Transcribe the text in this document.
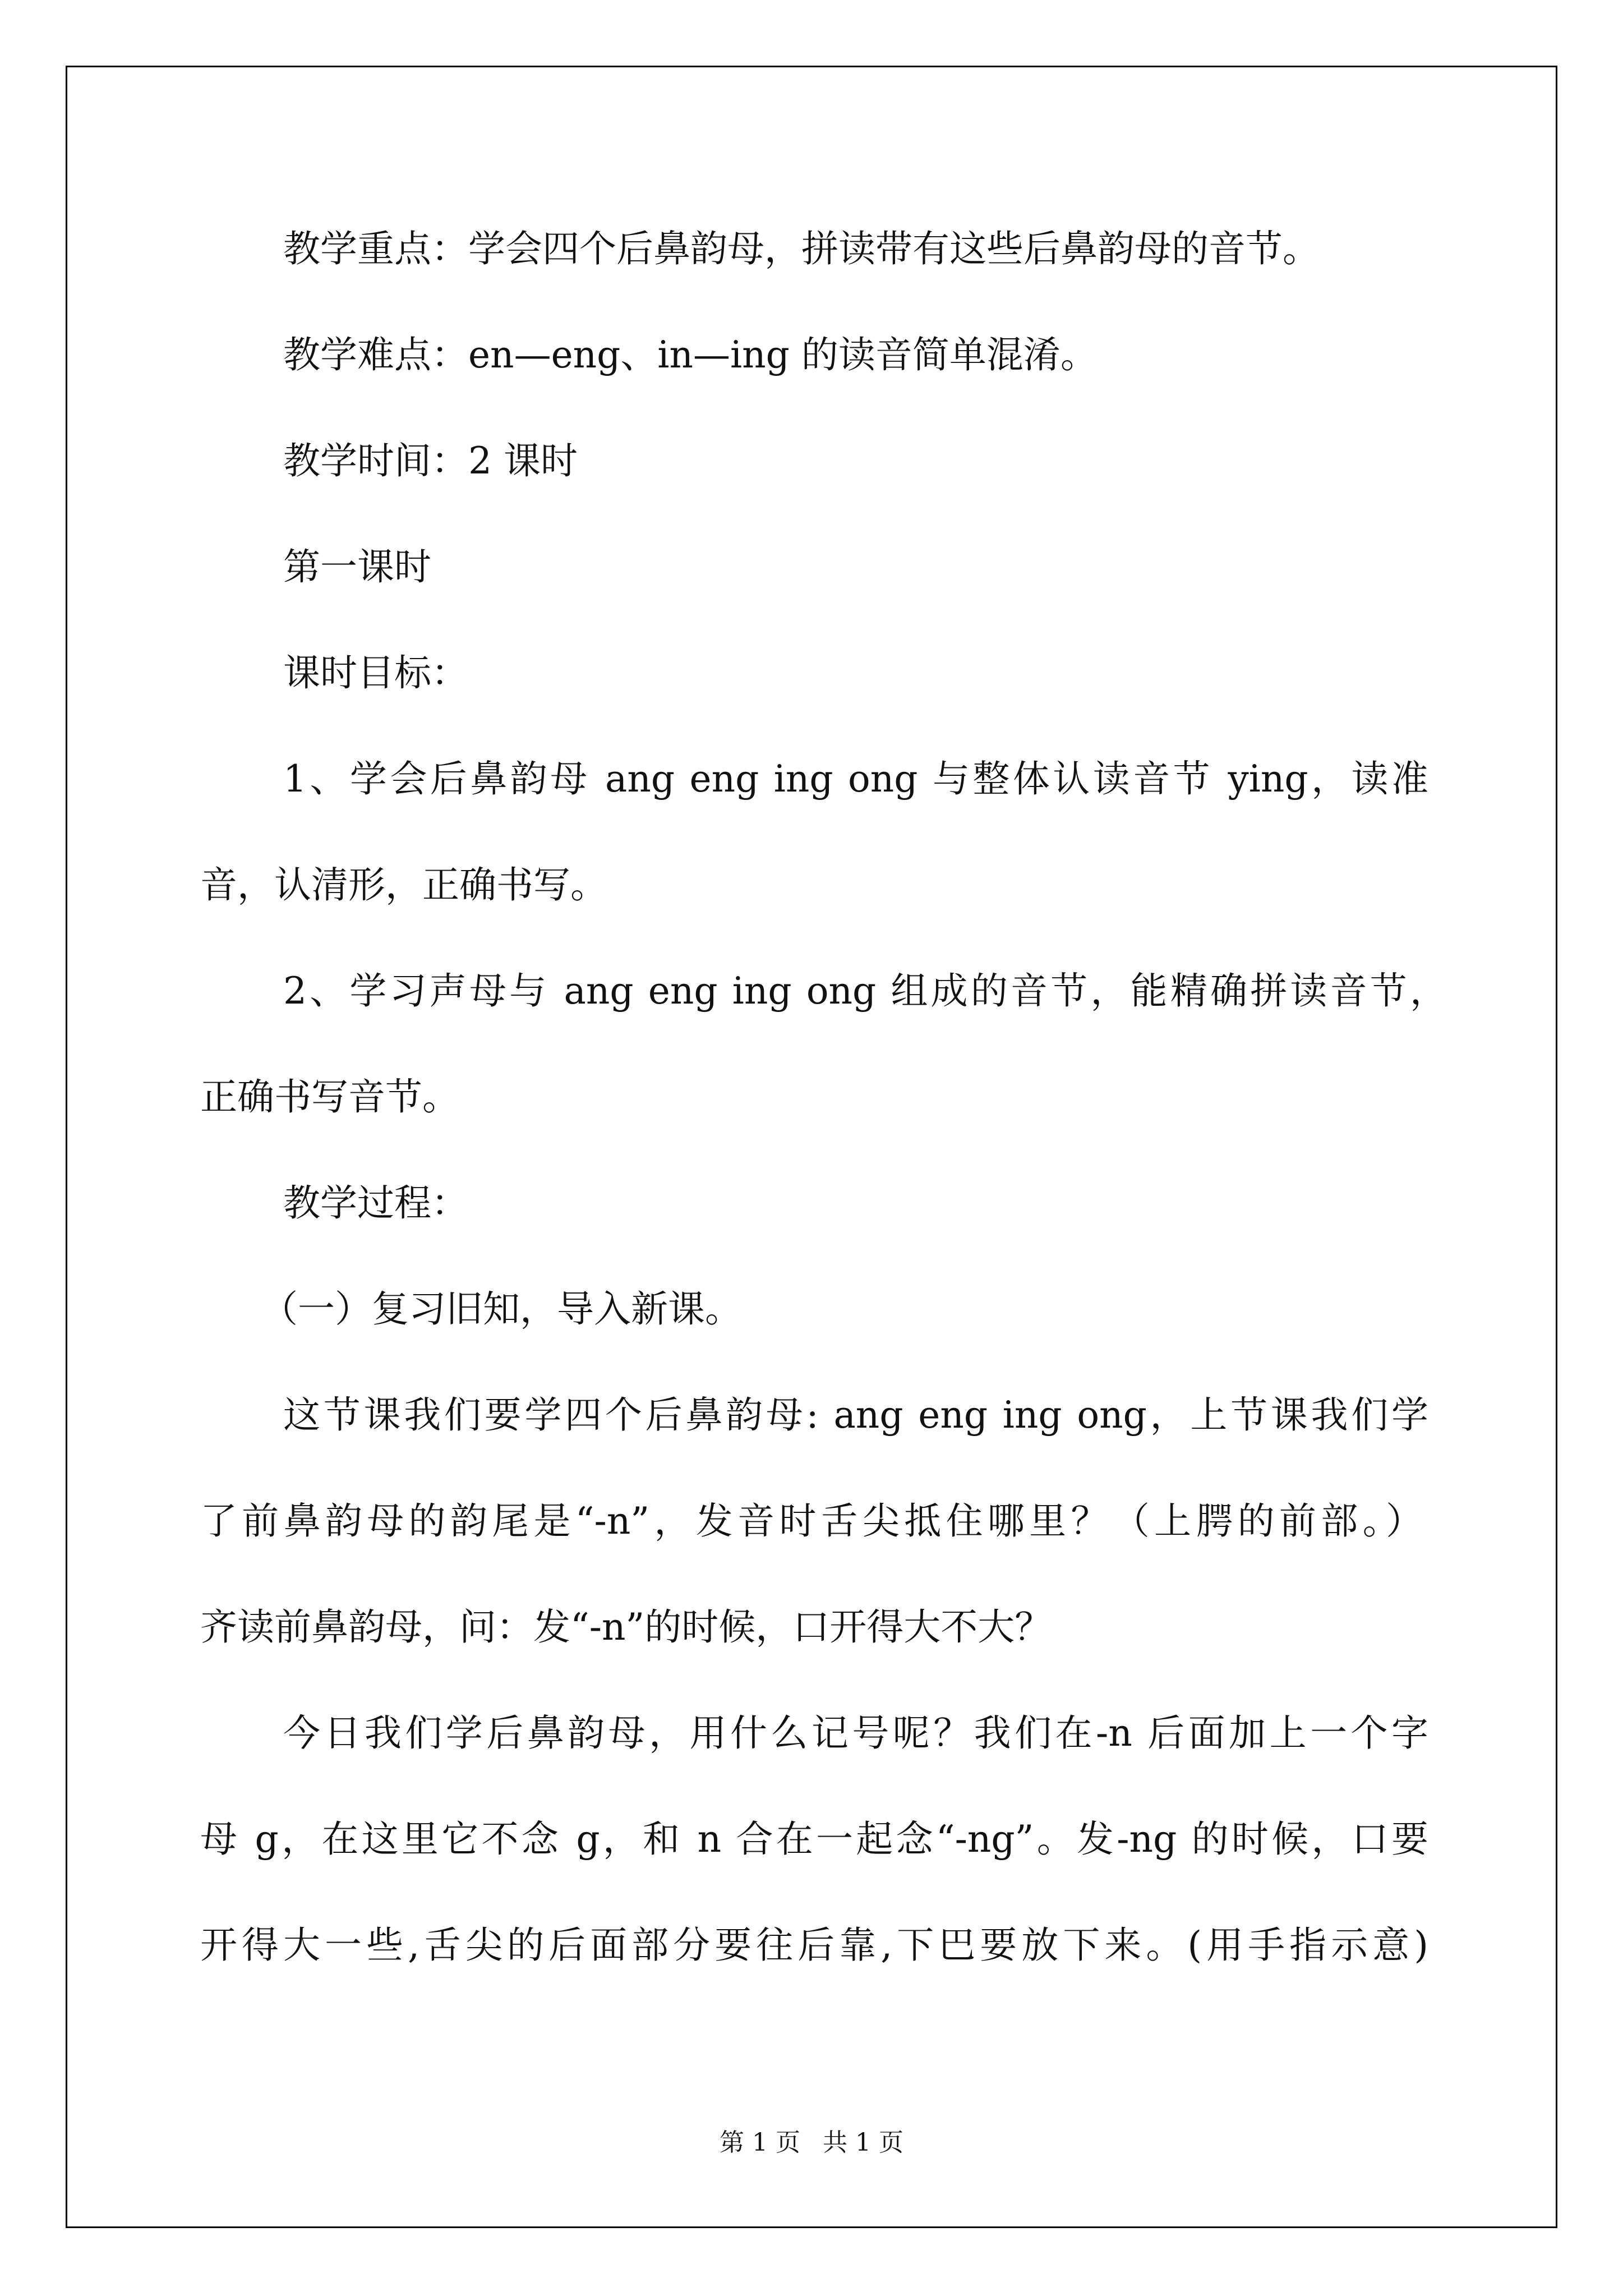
教学重点：学会四个后鼻韵母，拼读带有这些后鼻韵母的音节。
教学难点：en—eng、in—ing 的读音简单混淆。
教学时间：2 课时
第一课时
课时目标：
1、学会后鼻韵母 ang eng ing ong 与整体认读音节 ying，读准
音，认清形，正确书写。
2、学习声母与 ang eng ing ong 组成的音节，能精确拼读音节，
正确书写音节。
教学过程：
（一）复习旧知，导入新课。
这节课我们要学四个后鼻韵母: ang eng ing ong，上节课我们学
了前鼻韵母的韵尾是“-n”，发音时舌尖抵住哪里？（上腭的前部。）
齐读前鼻韵母，问：发“-n”的时候，口开得大不大？
今日我们学后鼻韵母，用什么记号呢？我们在-n 后面加上一个字
母 g，在这里它不念 g，和 n 合在一起念“-ng”。发-ng 的时候，口要
开得大一些,舌尖的后面部分要往后靠,下巴要放下来。(用手指示意)
第 1 页 共 1 页
